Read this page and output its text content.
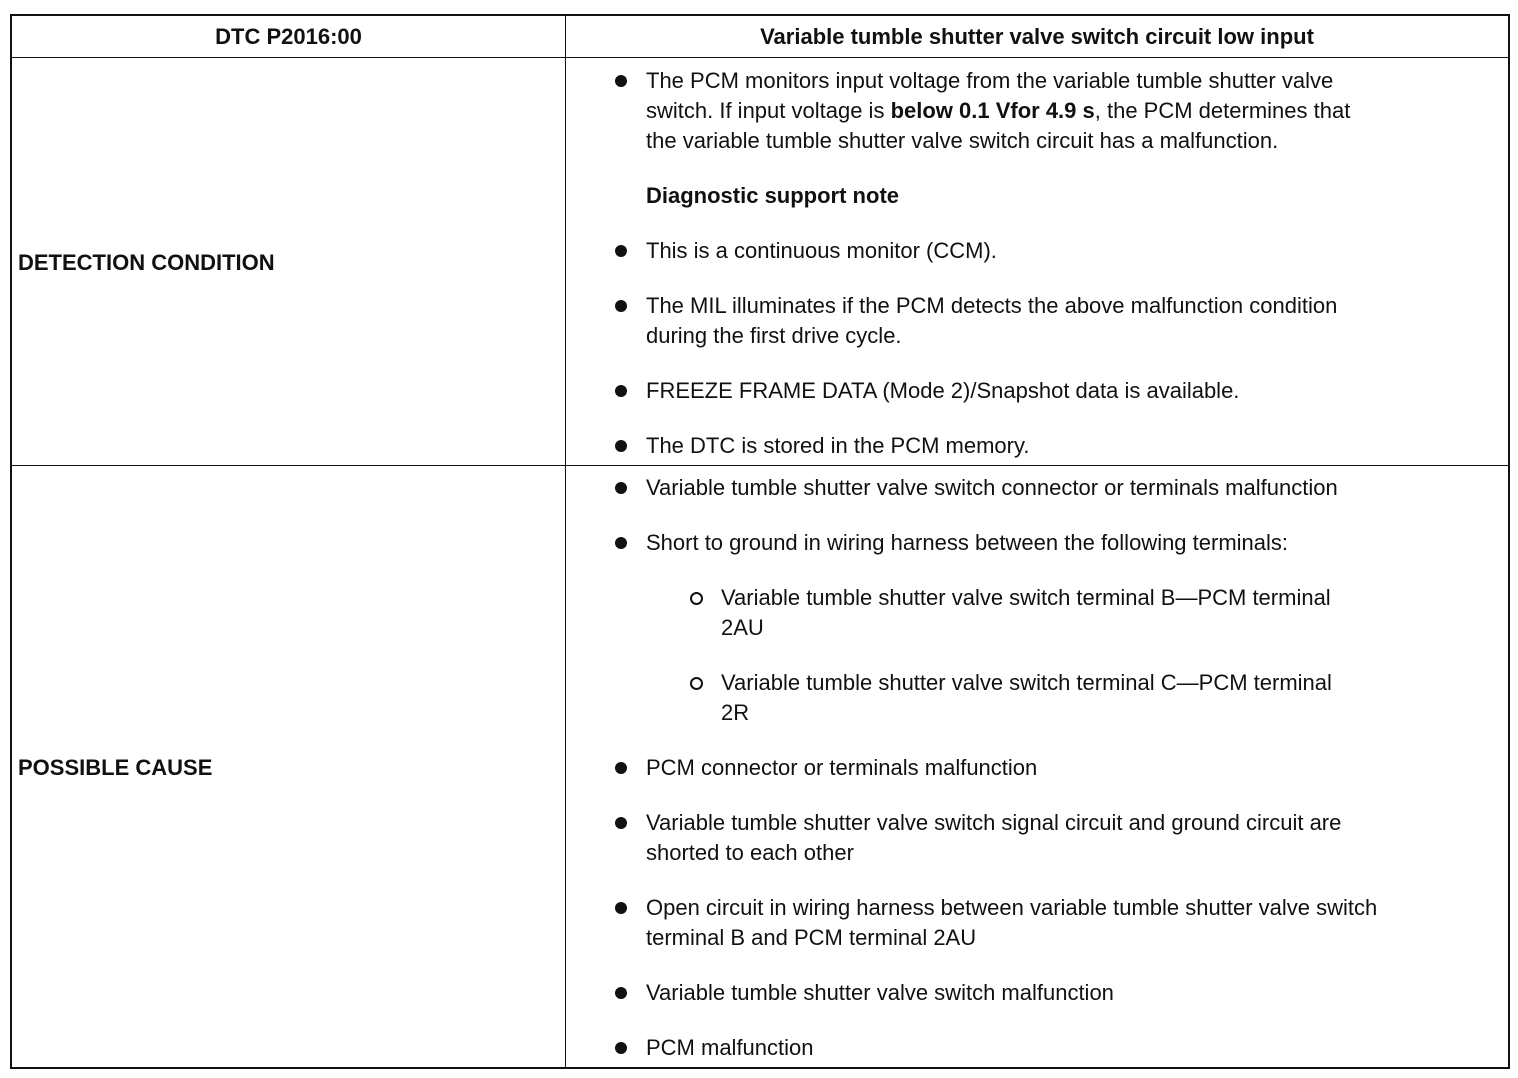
DTC P2016:00	Variable tumble shutter valve switch circuit low input
DETECTION CONDITION
The PCM monitors input voltage from the variable tumble shutter valve
switch. If input voltage is below 0.1 Vfor 4.9 s, the PCM determines that
the variable tumble shutter valve switch circuit has a malfunction.
Diagnostic support note
This is a continuous monitor (CCM).
The MIL illuminates if the PCM detects the above malfunction condition
during the first drive cycle.
FREEZE FRAME DATA (Mode 2)/Snapshot data is available.
The DTC is stored in the PCM memory.
POSSIBLE CAUSE
Variable tumble shutter valve switch connector or terminals malfunction
Short to ground in wiring harness between the following terminals:
Variable tumble shutter valve switch terminal B—PCM terminal
2AU
Variable tumble shutter valve switch terminal C—PCM terminal
2R
PCM connector or terminals malfunction
Variable tumble shutter valve switch signal circuit and ground circuit are
shorted to each other
Open circuit in wiring harness between variable tumble shutter valve switch
terminal B and PCM terminal 2AU
Variable tumble shutter valve switch malfunction
PCM malfunction
